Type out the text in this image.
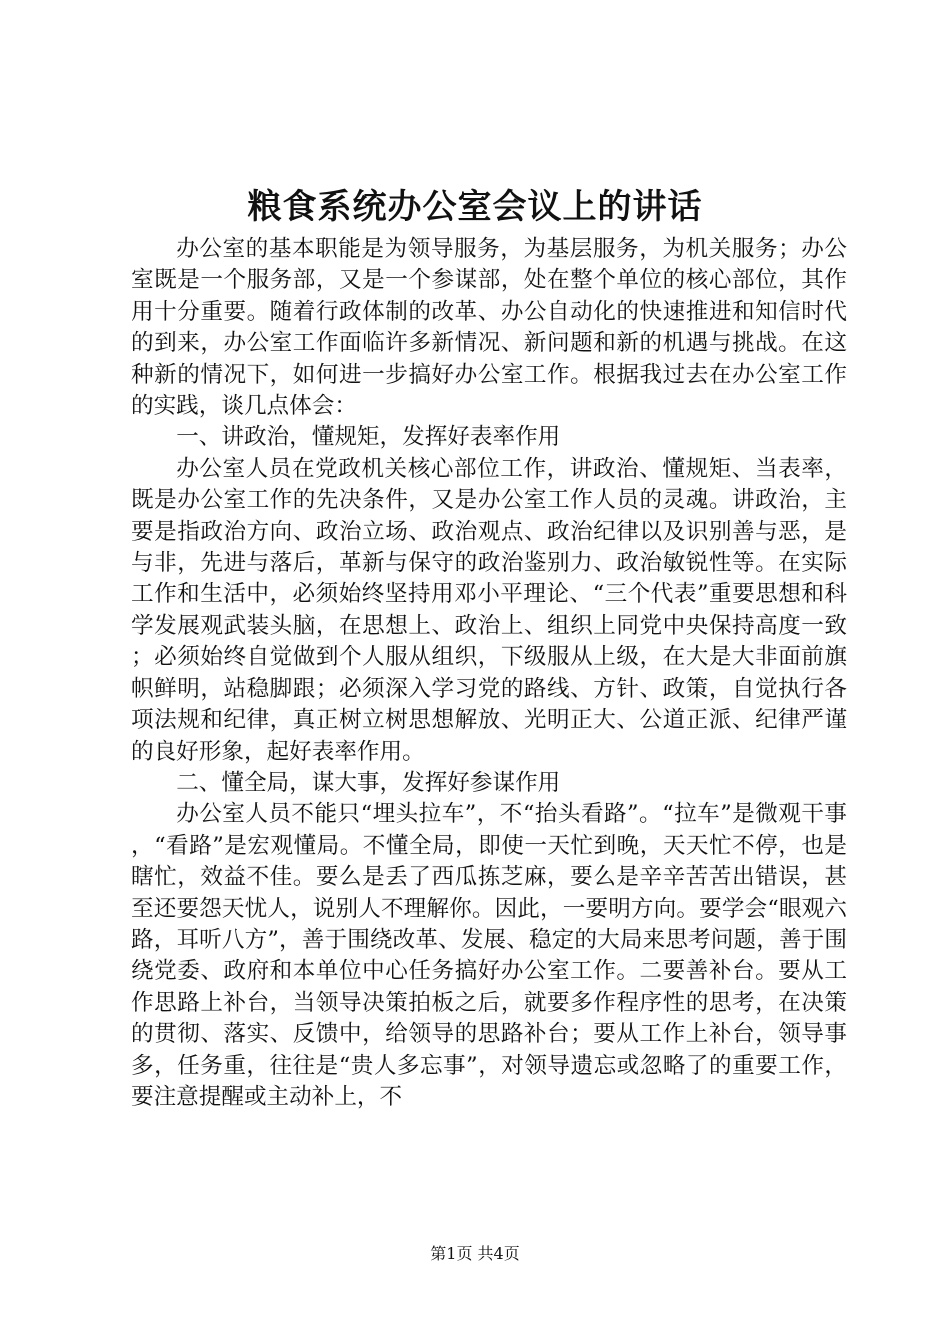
粮食系统办公室会议上的讲话

办公室的基本职能是为领导服务，为基层服务，为机关服务；办公室既是一个服务部，又是一个参谋部，处在整个单位的核心部位，其作用十分重要。随着行政体制的改革、办公自动化的快速推进和知信时代的到来，办公室工作面临许多新情况、新问题和新的机遇与挑战。在这种新的情况下，如何进一步搞好办公室工作。根据我过去在办公室工作的实践，谈几点体会：

一、讲政治，懂规矩，发挥好表率作用

办公室人员在党政机关核心部位工作，讲政治、懂规矩、当表率，既是办公室工作的先决条件，又是办公室工作人员的灵魂。讲政治，主要是指政治方向、政治立场、政治观点、政治纪律以及识别善与恶，是与非，先进与落后，革新与保守的政治鉴别力、政治敏锐性等。在实际工作和生活中，必须始终坚持用邓小平理论、“三个代表”重要思想和科学发展观武装头脑，在思想上、政治上、组织上同党中央保持高度一致；必须始终自觉做到个人服从组织，下级服从上级，在大是大非面前旗帜鲜明，站稳脚跟；必须深入学习党的路线、方针、政策，自觉执行各项法规和纪律，真正树立树思想解放、光明正大、公道正派、纪律严谨的良好形象，起好表率作用。

二、懂全局，谋大事，发挥好参谋作用

办公室人员不能只“埋头拉车”，不“抬头看路”。“拉车”是微观干事，“看路”是宏观懂局。不懂全局，即使一天忙到晚，天天忙不停，也是瞎忙，效益不佳。要么是丢了西瓜拣芝麻，要么是辛辛苦苦出错误，甚至还要怨天忧人，说别人不理解你。因此，一要明方向。要学会“眼观六路，耳听八方”，善于围绕改革、发展、稳定的大局来思考问题，善于围绕党委、政府和本单位中心任务搞好办公室工作。二要善补台。要从工作思路上补台，当领导决策拍板之后，就要多作程序性的思考，在决策的贯彻、落实、反馈中，给领导的思路补台；要从工作上补台，领导事多，任务重，往往是“贵人多忘事”，对领导遗忘或忽略了的重要工作，要注意提醒或主动补上，不

第1页 共4页
